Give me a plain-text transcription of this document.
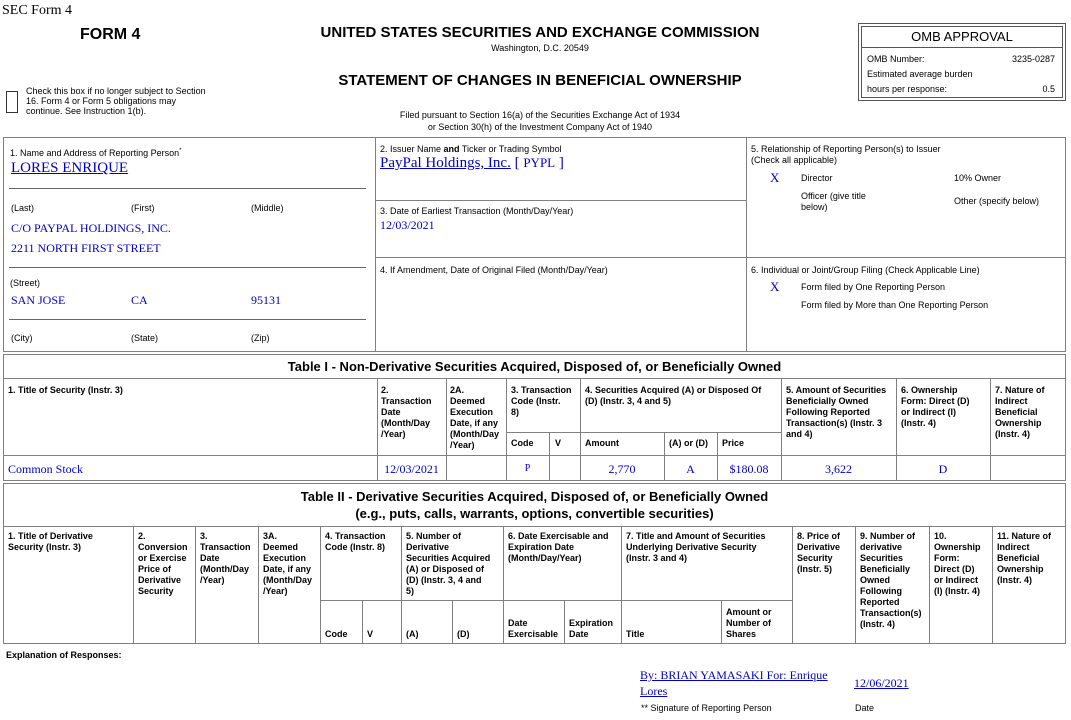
SEC Form 4
FORM 4
Check this box if no longer subject to Section
16. Form 4 or Form 5 obligations may
continue. See Instruction 1(b).
UNITED STATES SECURITIES AND EXCHANGE COMMISSION
Washington, D.C. 20549
STATEMENT OF CHANGES IN BENEFICIAL OWNERSHIP
Filed pursuant to Section 16(a) of the Securities Exchange Act of 1934
or Section 30(h) of the Investment Company Act of 1940
OMB APPROVAL
OMB Number:	3235-0287
Estimated average burden
hours per response:	0.5
1. Name and Address of Reporting Person*
LORES ENRIQUE
(Last)	(First)	(Middle)
C/O PAYPAL HOLDINGS, INC.
2211 NORTH FIRST STREET
(Street)
SAN JOSE	CA	95131
(City)	(State)	(Zip)
2. Issuer Name and Ticker or Trading Symbol
PayPal Holdings, Inc. [ PYPL ]
3. Date of Earliest Transaction (Month/Day/Year)
12/03/2021
4. If Amendment, Date of Original Filed (Month/Day/Year)
5. Relationship of Reporting Person(s) to Issuer
(Check all applicable)
X Director	10% Owner
Officer (give title
below)
Other (specify below)
6. Individual or Joint/Group Filing (Check Applicable Line)
X Form filed by One Reporting Person
Form filed by More than One Reporting Person
Table I - Non-Derivative Securities Acquired, Disposed of, or Beneficially Owned
1. Title of Security (Instr. 3)	2.
Transaction
Date
(Month/Day
/Year)
2A.
Deemed
Execution
Date, if any
(Month/Day
/Year)
3. Transaction
Code (Instr.
8)
Code V
4. Securities Acquired (A) or Disposed Of
(D) (Instr. 3, 4 and 5)
Amount	(A) or (D) Price
5. Amount of Securities
Beneficially Owned
Following Reported
Transaction(s) (Instr. 3
and 4)
6. Ownership
Form: Direct (D)
or Indirect (I)
(Instr. 4)
7. Nature of
Indirect
Beneficial
Ownership
(Instr. 4)
Common Stock	12/03/2021	P	2,770	A	$180.08	3,622	D
Table II - Derivative Securities Acquired, Disposed of, or Beneficially Owned
(e.g., puts, calls, warrants, options, convertible securities)
1. Title of Derivative
Security (Instr. 3)
2.
Conversion
or Exercise
Price of
Derivative
Security
3.
Transaction
Date
(Month/Day
/Year)
3A.
Deemed
Execution
Date, if any
(Month/Day
/Year)
4. Transaction
Code (Instr. 8)
Code V
5. Number of
Derivative
Securities Acquired
(A) or Disposed of
(D) (Instr. 3, 4 and
5)
(A)	(D)
6. Date Exercisable and
Expiration Date
(Month/Day/Year)
Date
Exercisable
Expiration
Date
7. Title and Amount of Securities
Underlying Derivative Security
(Instr. 3 and 4)
Title
Amount or
Number of
Shares
8. Price of
Derivative
Security
(Instr. 5)
9. Number of
derivative
Securities
Beneficially
Owned
Following
Reported
Transaction(s)
(Instr. 4)
10.
Ownership
Form:
Direct (D)
or Indirect
(I) (Instr. 4)
11. Nature of
Indirect
Beneficial
Ownership
(Instr. 4)
Explanation of Responses:
By: BRIAN YAMASAKI For: Enrique
Lores
12/06/2021
** Signature of Reporting Person	Date
